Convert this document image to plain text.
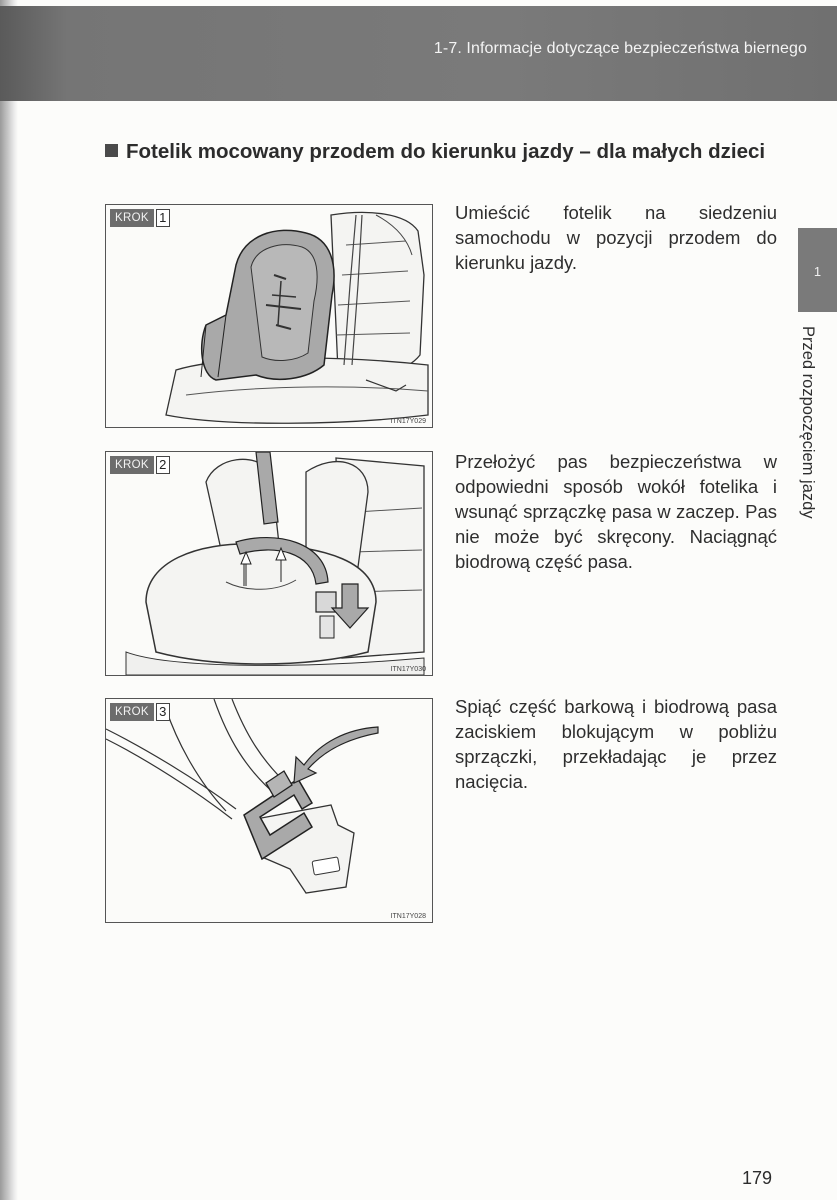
1-7. Informacje dotyczące bezpieczeństwa biernego
Fotelik mocowany przodem do kierunku jazdy – dla małych dzieci
KROK 1
ITN17Y029

Umieścić fotelik na siedzeniu samochodu w pozycji przodem do kierunku jazdy.

KROK 2
ITN17Y030

Przełożyć pas bezpieczeństwa w odpowiedni sposób wokół fotelika i wsunąć sprzączkę pasa w zaczep. Pas nie może być skręcony. Naciągnąć biodrową część pasa.

KROK 3
ITN17Y028

Spiąć część barkową i biodrową pasa zaciskiem blokującym w pobliżu sprzączki, przekładając je przez nacięcia.

1
Przed rozpoczęciem jazdy
179
